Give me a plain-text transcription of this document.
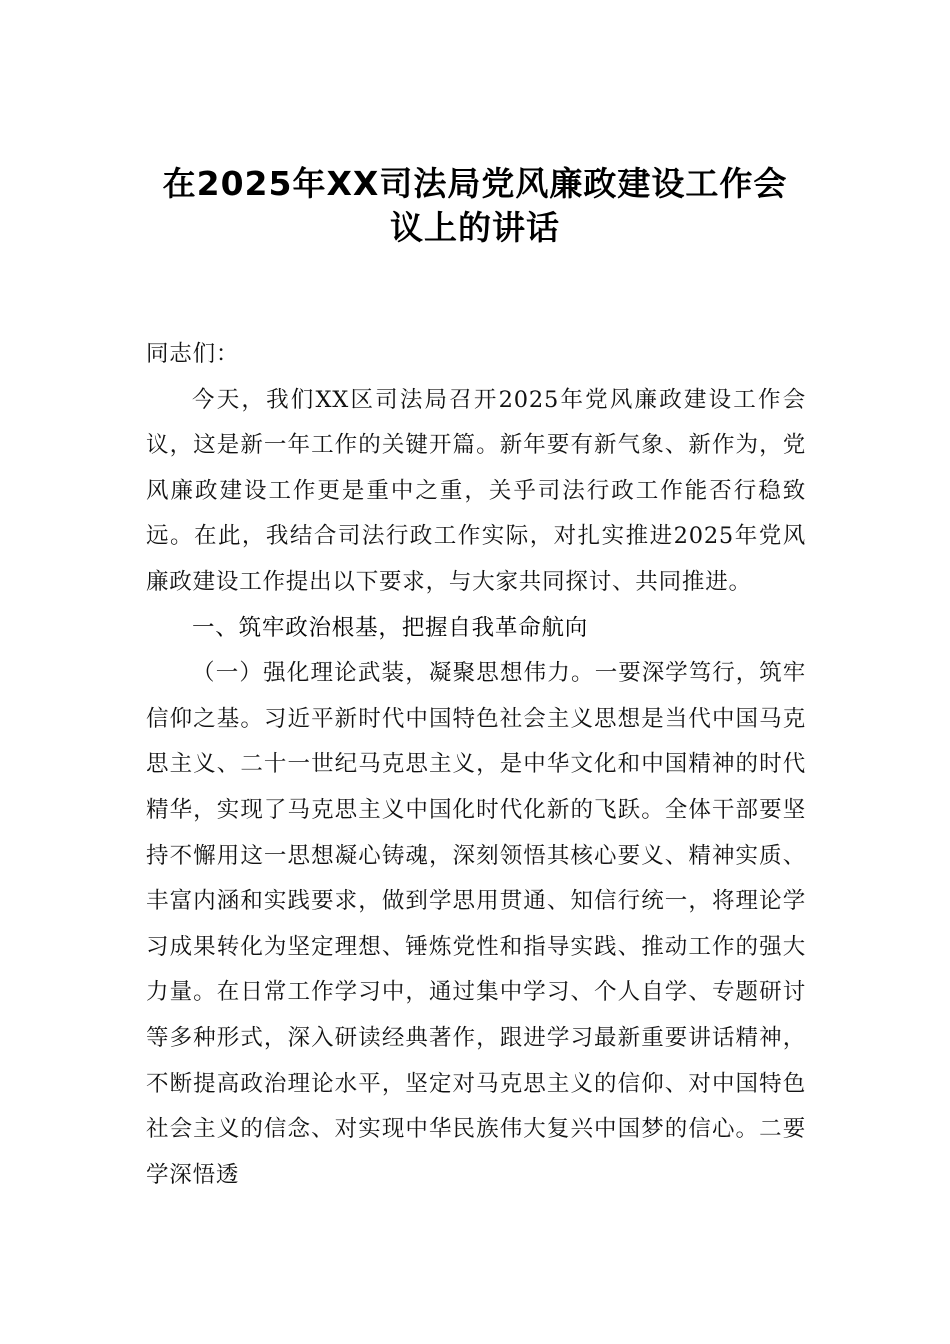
在2025年XX司法局党风廉政建设工作会
议上的讲话

同志们：

今天，我们XX区司法局召开2025年党风廉政建设工作会议，这是新一年工作的关键开篇。新年要有新气象、新作为，党风廉政建设工作更是重中之重，关乎司法行政工作能否行稳致远。在此，我结合司法行政工作实际，对扎实推进2025年党风廉政建设工作提出以下要求，与大家共同探讨、共同推进。

一、筑牢政治根基，把握自我革命航向

（一）强化理论武装，凝聚思想伟力。一要深学笃行，筑牢信仰之基。习近平新时代中国特色社会主义思想是当代中国马克思主义、二十一世纪马克思主义，是中华文化和中国精神的时代精华，实现了马克思主义中国化时代化新的飞跃。全体干部要坚持不懈用这一思想凝心铸魂，深刻领悟其核心要义、精神实质、丰富内涵和实践要求，做到学思用贯通、知信行统一，将理论学习成果转化为坚定理想、锤炼党性和指导实践、推动工作的强大力量。在日常工作学习中，通过集中学习、个人自学、专题研讨等多种形式，深入研读经典著作，跟进学习最新重要讲话精神，不断提高政治理论水平，坚定对马克思主义的信仰、对中国特色社会主义的信念、对实现中华民族伟大复兴中国梦的信心。二要学深悟透
